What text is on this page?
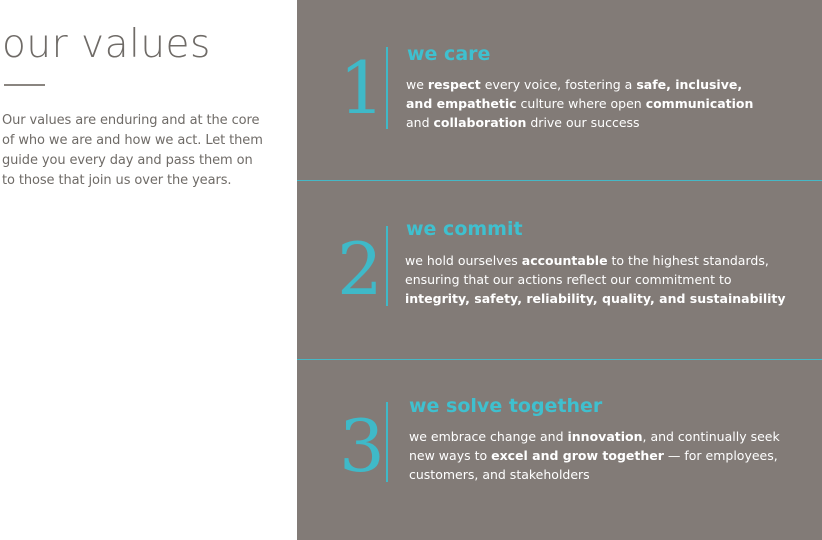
our values

Our values are enduring and at the core of who we are and how we act. Let them guide you every day and pass them on to those that join us over the years.

1 we care

we respect every voice, fostering a safe, inclusive,
and empathetic culture where open communication
and collaboration drive our success

2 we commit

we hold ourselves accountable to the highest standards,
ensuring that our actions reflect our commitment to
integrity, safety, reliability, quality, and sustainability

3 we solve together

we embrace change and innovation, and continually seek
new ways to excel and grow together — for employees,
customers, and stakeholders
